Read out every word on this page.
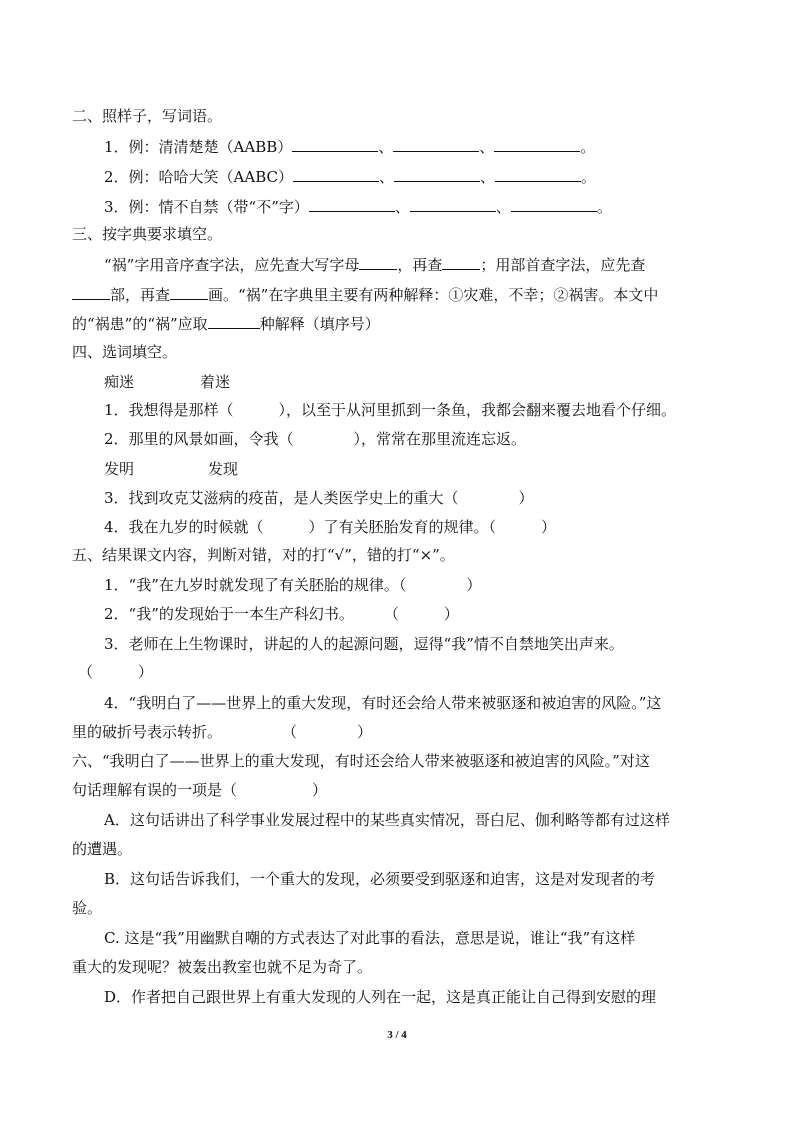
二、照样子，写词语。
1．例：清清楚楚（AABB）	、	、	。
2．例：哈哈大笑（AABC）	、	、	。
3．例：情不自禁（带“不”字）	、	、	。
三、按字典要求填空。
“祸”字用音序查字法，应先查大写字母	，再查	；用部首查字法，应先查
部，再查	画。“祸”在字典里主要有两种解释：①灾难，不幸；②祸害。本文中
的“祸患”的“祸”应取	种解释（填序号）
四、选词填空。
痴迷	着迷
1．我想得是那样（　　　），以至于从河里抓到一条鱼，我都会翻来覆去地看个仔细。
2．那里的风景如画，令我（　　　　），常常在那里流连忘返。
发明	发现
3．找到攻克艾滋病的疫苗，是人类医学史上的重大（　　　　）
4．我在九岁的时候就（　　　）了有关胚胎发育的规律。（　　　）
五、结果课文内容，判断对错，对的打“√”，错的打“×”。
1．“我”在九岁时就发现了有关胚胎的规律。（　　　　）
2．“我”的发现始于一本生产科幻书。　　　（　　　）
3．老师在上生物课时，讲起的人的起源问题，逗得“我”情不自禁地笑出声来。
（　　　）
4．“我明白了——世界上的重大发现，有时还会给人带来被驱逐和被迫害的风险。”这
里的破折号表示转折。　　　　　（　　　　）
六、“我明白了——世界上的重大发现，有时还会给人带来被驱逐和被迫害的风险。”对这
句话理解有误的一项是（　　　　　）
A．这句话讲出了科学事业发展过程中的某些真实情况，哥白尼、伽利略等都有过这样
的遭遇。
B．这句话告诉我们，一个重大的发现，必须要受到驱逐和迫害，这是对发现者的考
验。
C. 这是“我”用幽默自嘲的方式表达了对此事的看法，意思是说，谁让“我”有这样
重大的发现呢？被轰出教室也就不足为奇了。
D．作者把自己跟世界上有重大发现的人列在一起，这是真正能让自己得到安慰的理
3 / 4
